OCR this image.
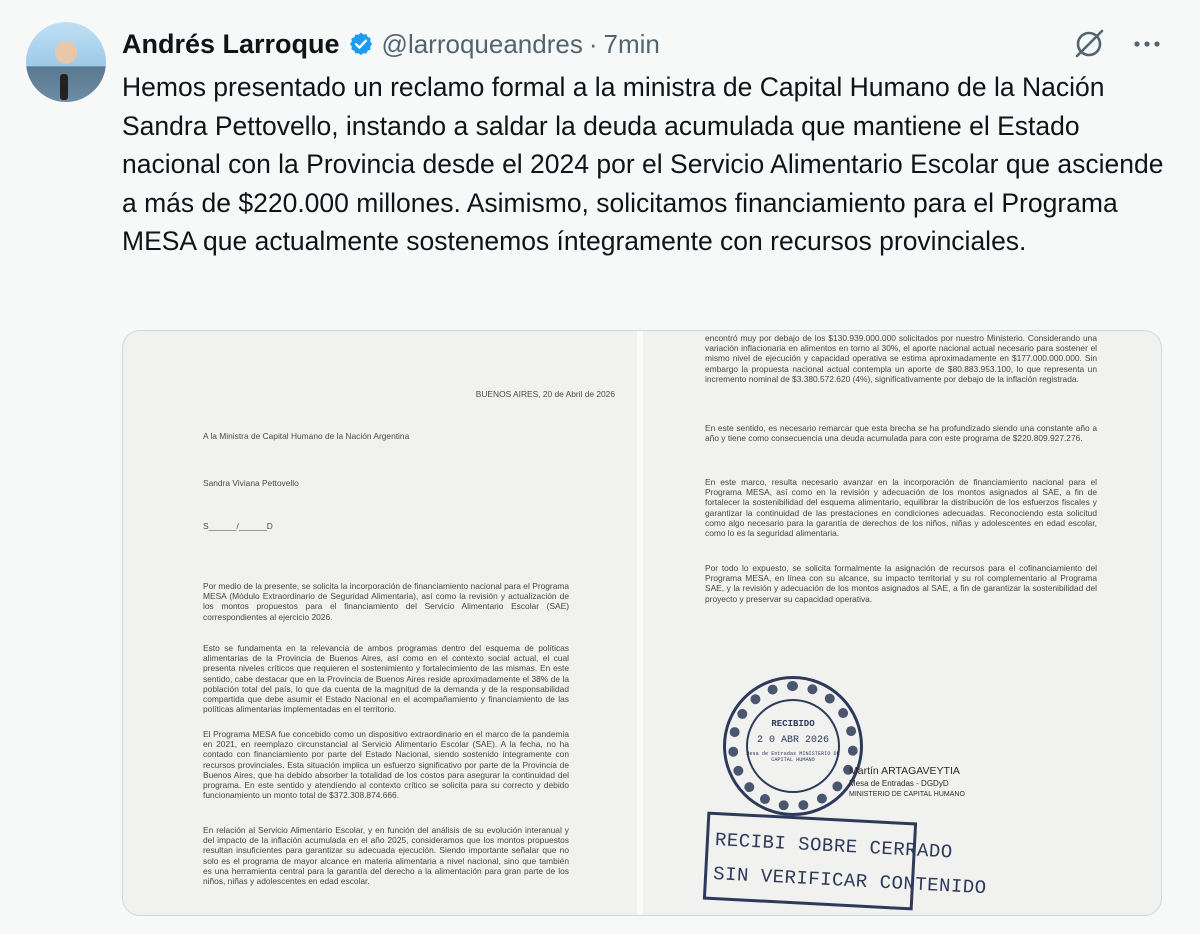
Andrés Larroque @larroqueandres · 7min
Hemos presentado un reclamo formal a la ministra de Capital Humano de la Nación Sandra Pettovello, instando a saldar la deuda acumulada que mantiene el Estado nacional con la Provincia desde el 2024 por el Servicio Alimentario Escolar que asciende a más de $220.000 millones. Asimismo, solicitamos financiamiento para el Programa MESA que actualmente sostenemos íntegramente con recursos provinciales.
BUENOS AIRES, 20 de Abril de 2026
A la Ministra de Capital Humano de la Nación Argentina
Sandra Viviana Pettovello
S______/______D
Por medio de la presente, se solicita la incorporación de financiamiento nacional para el Programa MESA (Módulo Extraordinario de Seguridad Alimentaria), así como la revisión y actualización de los montos propuestos para el financiamiento del Servicio Alimentario Escolar (SAE) correspondientes al ejercicio 2026.
Esto se fundamenta en la relevancia de ambos programas dentro del esquema de políticas alimentarias de la Provincia de Buenos Aires, así como en el contexto social actual, el cual presenta niveles críticos que requieren el sostenimiento y fortalecimiento de las mismas. En este sentido, cabe destacar que en la Provincia de Buenos Aires reside aproximadamente el 38% de la población total del país, lo que da cuenta de la magnitud de la demanda y de la responsabilidad compartida que debe asumir el Estado Nacional en el acompañamiento y financiamiento de las políticas alimentarias implementadas en el territorio.
El Programa MESA fue concebido como un dispositivo extraordinario en el marco de la pandemia en 2021, en reemplazo circunstancial al Servicio Alimentario Escolar (SAE). A la fecha, no ha contado con financiamiento por parte del Estado Nacional, siendo sostenido íntegramente con recursos provinciales. Esta situación implica un esfuerzo significativo por parte de la Provincia de Buenos Aires, que ha debido absorber la totalidad de los costos para asegurar la continuidad del programa. En este sentido y atendiendo al contexto crítico se solicita para su correcto y debido funcionamiento un monto total de $372.308.874.666.
En relación al Servicio Alimentario Escolar, y en función del análisis de su evolución interanual y del impacto de la inflación acumulada en el año 2025, consideramos que los montos propuestos resultan insuficientes para garantizar su adecuada ejecución. Siendo importante señalar que no solo es el programa de mayor alcance en materia alimentaria a nivel nacional, sino que también es una herramienta central para la garantía del derecho a la alimentación para gran parte de los niños, niñas y adolescentes en edad escolar.
encontró muy por debajo de los $130.939.000.000 solicitados por nuestro Ministerio. Considerando una variación inflacionaria en alimentos en torno al 30%, el aporte nacional actual necesario para sostener el mismo nivel de ejecución y capacidad operativa se estima aproximadamente en $177.000.000.000. Sin embargo la propuesta nacional actual contempla un aporte de $80.883.953.100, lo que representa un incremento nominal de $3.380.572.620 (4%), significativamente por debajo de la inflación registrada.
En este sentido, es necesario remarcar que esta brecha se ha profundizado siendo una constante año a año y tiene como consecuencia una deuda acumulada para con este programa de $220.809.927.276.
En este marco, resulta necesario avanzar en la incorporación de financiamiento nacional para el Programa MESA, así como en la revisión y adecuación de los montos asignados al SAE, a fin de fortalecer la sostenibilidad del esquema alimentario, equilibrar la distribución de los esfuerzos fiscales y garantizar la continuidad de las prestaciones en condiciones adecuadas. Reconociendo esta solicitud como algo necesario para la garantía de derechos de los niños, niñas y adolescentes en edad escolar, como lo es la seguridad alimentaria.
Por todo lo expuesto, se solicita formalmente la asignación de recursos para el cofinanciamiento del Programa MESA, en línea con su alcance, su impacto territorial y su rol complementario al Programa SAE, y la revisión y adecuación de los montos asignados al SAE, a fin de garantizar la sostenibilidad del proyecto y preservar su capacidad operativa.
RECIBIDO
2 0 ABR 2026
Mesa de Entradas MINISTERIO DE CAPITAL HUMANO
Martín ARTAGAVEYTIA
Mesa de Entradas - DGDyD
MINISTERIO DE CAPITAL HUMANO
RECIBI SOBRE CERRADO
SIN VERIFICAR CONTENIDO
